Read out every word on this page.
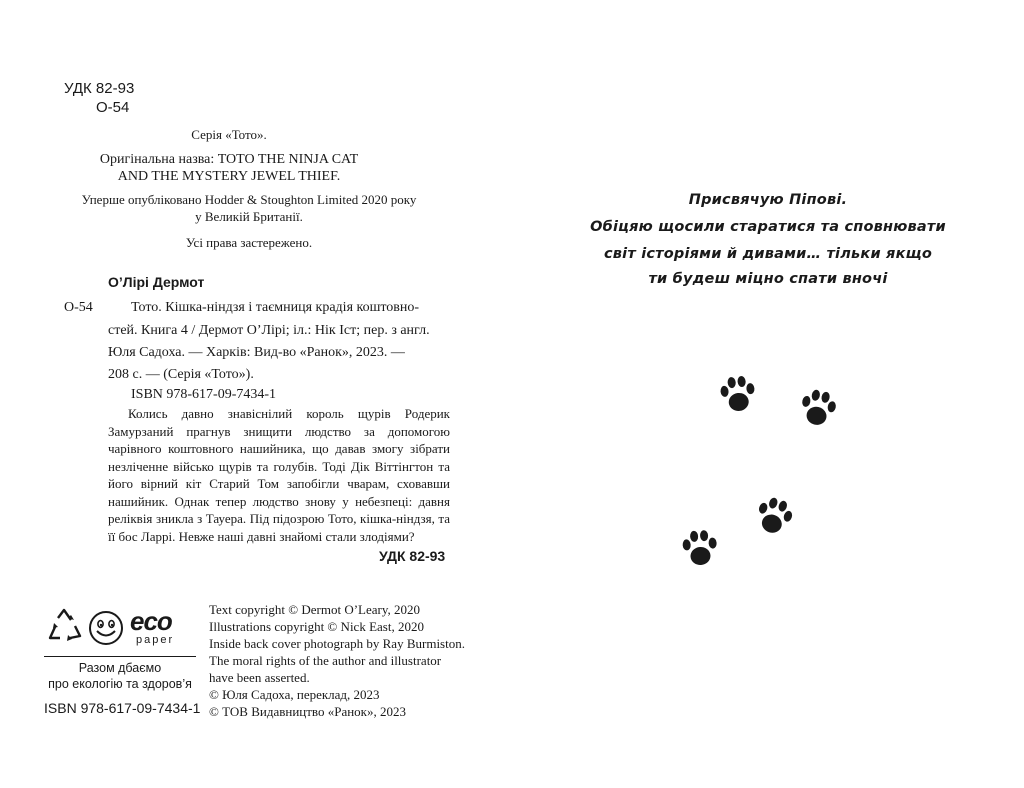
УДК 82-93
О-54
Серія «Тото».
Оригінальна назва: TOTO THE NINJA CAT
AND THE MYSTERY JEWEL THIEF.
Уперше опубліковано Hodder & Stoughton Limited 2020 року
у Великій Британії.
Усі права застережено.
О’Лірі Дермот
О-54	Тото. Кішка-ніндзя і таємниця крадія коштовно-
стей. Книга 4 / Дермот О’Лірі; іл.: Нік Іст; пер. з англ.
Юля Садоха. — Харків: Вид-во «Ранок», 2023. —
208 с. — (Серія «Тото»).
ISBN 978-617-09-7434-1
Колись давно знавіснілий король щурів Родерик Замурзаний прагнув знищити людство за допомогою чарівного коштовного нашийника, що давав змогу зібрати незліченне військо щурів та голубів. Тоді Дік Віттінгтон та його вірний кіт Старий Том запобігли чварам, сховавши нашийник. Однак тепер людство знову у небезпеці: давня реліквія зникла з Тауера. Під підозрою Тото, кішка-ніндзя, та її бос Ларрі. Невже наші давні знайомі стали злодіями?
УДК 82-93
eco
paper
Разом дбаємо
про екологію та здоров’я
ISBN 978-617-09-7434-1
Text copyright © Dermot O’Leary, 2020
Illustrations copyright © Nick East, 2020
Inside back cover photograph by Ray Burmiston.
The moral rights of the author and illustrator
have been asserted.
© Юля Садоха, переклад, 2023
© ТОВ Видавництво «Ранок», 2023
Присвячую Піпові.
Обіцяю щосили старатися та сповнювати
світ історіями й дивами… тільки якщо
ти будеш міцно спати вночі
